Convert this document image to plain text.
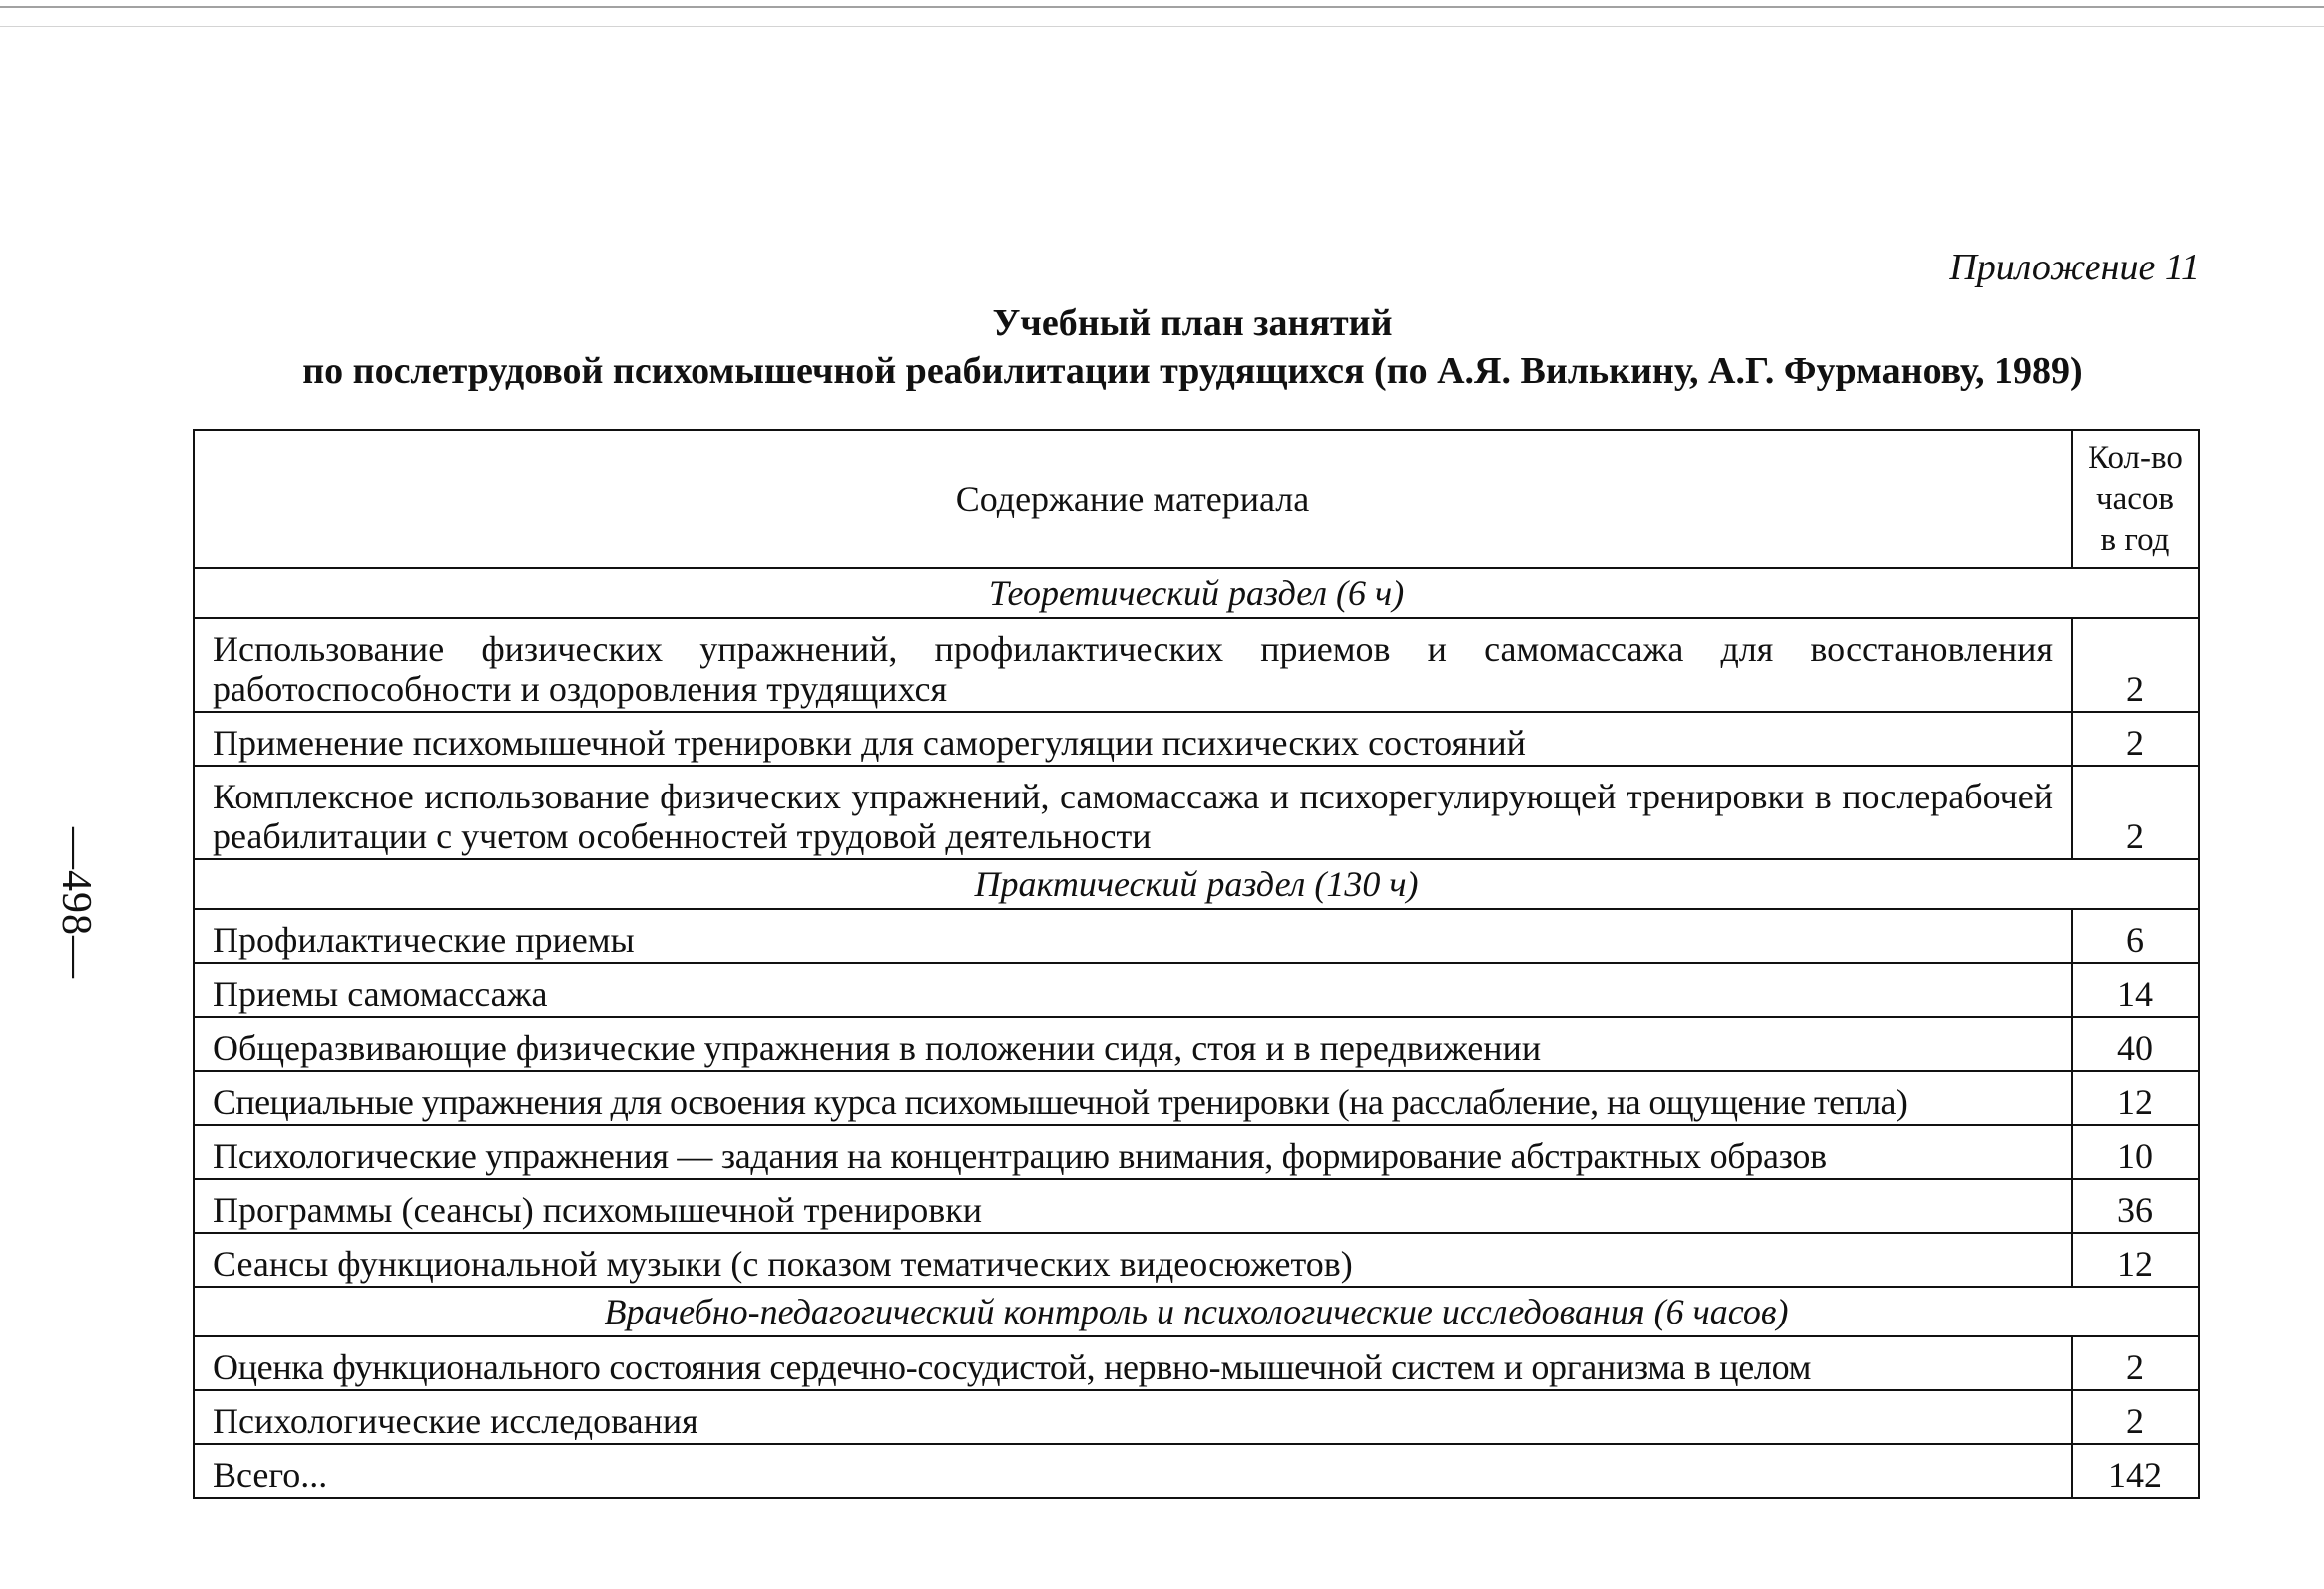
—498—
Приложение 11
Учебный план занятий
по послетрудовой психомышечной реабилитации трудящихся (по А.Я. Вилькину, А.Г. Фурманову, 1989)
Содержание материала	Кол-во
часов
в год

Теоретический раздел (6 ч)	
Использование физических упражнений, профилактических приемов и самомассажа для восстановления работоспособности и оздоровления трудящихся	2
Применение психомышечной тренировки для саморегуляции психических состояний	2
Комплексное использование физических упражнений, самомассажа и психорегулирующей тренировки в послерабочей реабилитации с учетом особенностей трудовой деятельности	2
Практический раздел (130 ч)	
Профилактические приемы	6
Приемы самомассажа	14
Общеразвивающие физические упражнения в положении сидя, стоя и в передвижении	40
Специальные упражнения для освоения курса психомышечной тренировки (на расслабление, на ощущение тепла)	12
Психологические упражнения — задания на концентрацию внимания, формирование абстрактных образов	10
Программы (сеансы) психомышечной тренировки	36
Сеансы функциональной музыки (с показом тематических видеосюжетов)	12
Врачебно-педагогический контроль и психологические исследования (6 часов)	
Оценка функционального состояния сердечно-сосудистой, нервно-мышечной систем и организма в целом	2
Психологические исследования	2
Всего...	142
